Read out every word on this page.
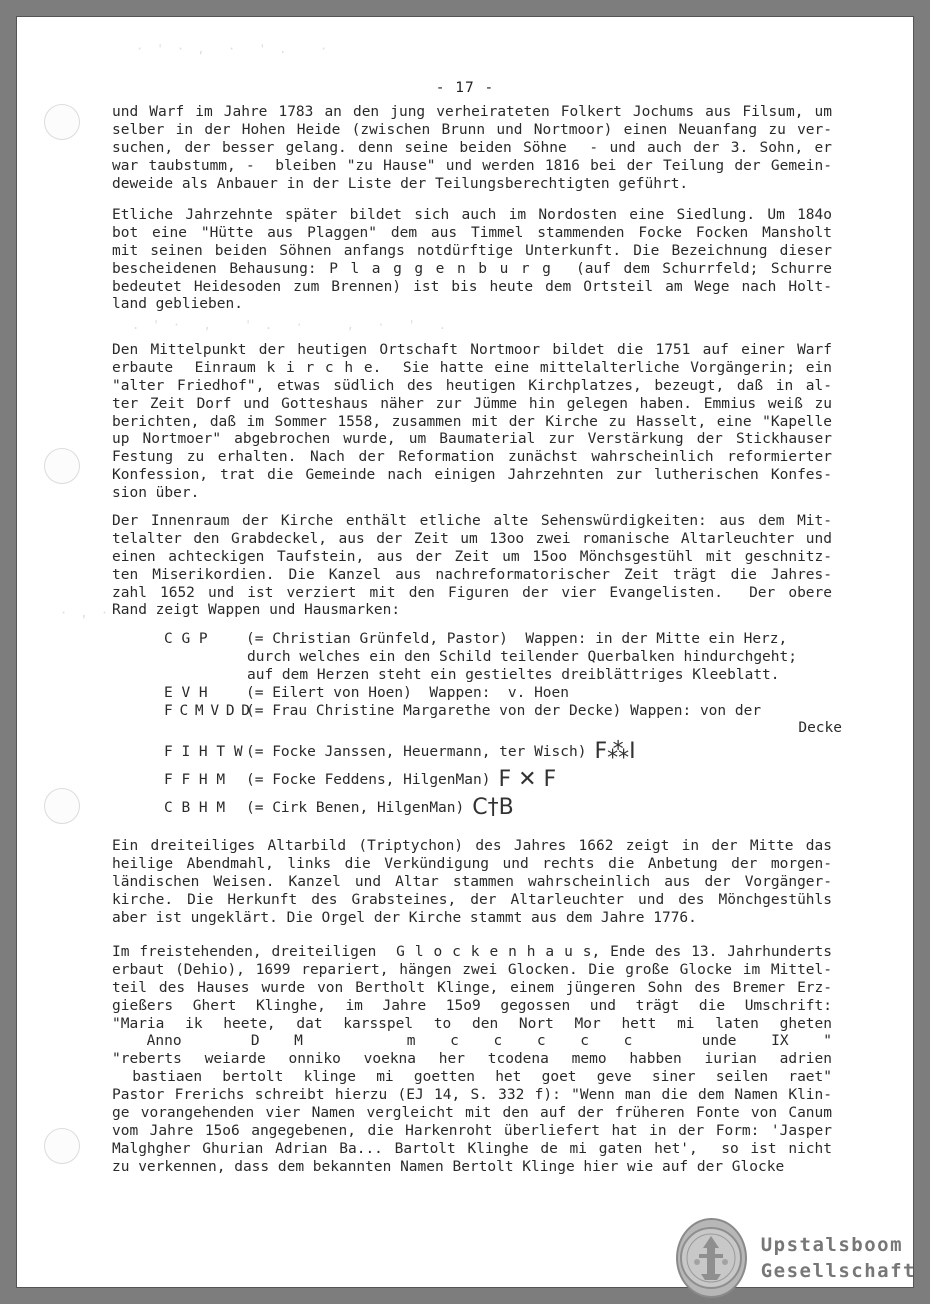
- 17 -
und Warf im Jahre 1783 an den jung verheirateten Folkert Jochums aus Filsum, um
selber in der Hohen Heide (zwischen Brunn und Nortmoor) einen Neuanfang zu ver-
suchen, der besser gelang. denn seine beiden Söhne  - und auch der 3. Sohn, er
war taubstumm, -  bleiben "zu Hause" und werden 1816 bei der Teilung der Gemein-
deweide als Anbauer in der Liste der Teilungsberechtigten geführt.
Etliche Jahrzehnte später bildet sich auch im Nordosten eine Siedlung. Um 184o
bot eine "Hütte aus Plaggen" dem aus Timmel stammenden Focke Focken Mansholt
mit seinen beiden Söhnen anfangs notdürftige Unterkunft. Die Bezeichnung dieser
bescheidenen Behausung: P l a g g e n b u r g  (auf dem Schurrfeld; Schurre
bedeutet Heidesoden zum Brennen) ist bis heute dem Ortsteil am Wege nach Holt-
land geblieben.
Den Mittelpunkt der heutigen Ortschaft Nortmoor bildet die 1751 auf einer Warf
erbaute  Einraum k i r c h e.  Sie hatte eine mittelalterliche Vorgängerin; ein
"alter Friedhof", etwas südlich des heutigen Kirchplatzes, bezeugt, daß in al-
ter Zeit Dorf und Gotteshaus näher zur Jümme hin gelegen haben. Emmius weiß zu
berichten, daß im Sommer 1558, zusammen mit der Kirche zu Hasselt, eine "Kapelle
up Nortmoer" abgebrochen wurde, um Baumaterial zur Verstärkung der Stickhauser
Festung zu erhalten. Nach der Reformation zunächst wahrscheinlich reformierter
Konfession, trat die Gemeinde nach einigen Jahrzehnten zur lutherischen Konfes-
sion über.
Der Innenraum der Kirche enthält etliche alte Sehenswürdigkeiten: aus dem Mit-
telalter den Grabdeckel, aus der Zeit um 13oo zwei romanische Altarleuchter und
einen achteckigen Taufstein, aus der Zeit um 15oo Mönchsgestühl mit geschnitz-
ten Miserikordien. Die Kanzel aus nachreformatorischer Zeit trägt die Jahres-
zahl 1652 und ist verziert mit den Figuren der vier Evangelisten.  Der obere
Rand zeigt Wappen und Hausmarken:
C G P	(= Christian Grünfeld, Pastor)  Wappen: in der Mitte ein Herz,
durch welches ein den Schild teilender Querbalken hindurchgeht;
auf dem Herzen steht ein gestieltes dreiblättriges Kleeblatt.
E V H	(= Eilert von Hoen)  Wappen:  v. Hoen
F C M V D D(= Frau Christine Margarethe von der Decke) Wappen: von der
Decke
F I H T W (= Focke Janssen, Heuermann, ter Wisch) F⁂I
F F H M	(= Focke Feddens, HilgenMan) F ✕ F
C B H M	(= Cirk Benen, HilgenMan) C†B
Ein dreiteiliges Altarbild (Triptychon) des Jahres 1662 zeigt in der Mitte das
heilige Abendmahl, links die Verkündigung und rechts die Anbetung der morgen-
ländischen Weisen. Kanzel und Altar stammen wahrscheinlich aus der Vorgänger-
kirche. Die Herkunft des Grabsteines, der Altarleuchter und des Mönchgestühls
aber ist ungeklärt. Die Orgel der Kirche stammt aus dem Jahre 1776.
Im freistehenden, dreiteiligen  G l o c k e n h a u s, Ende des 13. Jahrhunderts
erbaut (Dehio), 1699 repariert, hängen zwei Glocken. Die große Glocke im Mittel-
teil des Hauses wurde von Bertholt Klinge, einem jüngeren Sohn des Bremer Erz-
gießers Ghert Klinghe, im Jahre 15o9 gegossen und trägt die Umschrift:
"Maria ik heete, dat karsspel to den Nort Mor hett mi laten gheten
Anno  D M   m c c c c c  unde IX "
"reberts weiarde onniko voekna her tcodena memo habben iurian adrien
bastiaen bertolt klinge mi goetten het goet geve siner seilen raet"
Pastor Frerichs schreibt hierzu (EJ 14, S. 332 f): "Wenn man die dem Namen Klin-
ge vorangehenden vier Namen vergleicht mit den auf der früheren Fonte von Canum
vom Jahre 15o6 angegebenen, die Harkenroht überliefert hat in der Form: 'Jasper
Malghgher Ghurian Adrian Ba... Bartolt Klinghe de mi gaten het',  so ist nicht
zu verkennen, dass dem bekannten Namen Bertolt Klinge hier wie auf der Glocke
· ' · ,  ·  ' .   ·
. ' ·  ,   ' .  ·    ,  ·  '  .
· , ·
Upstalsboom
Gesellschaft
